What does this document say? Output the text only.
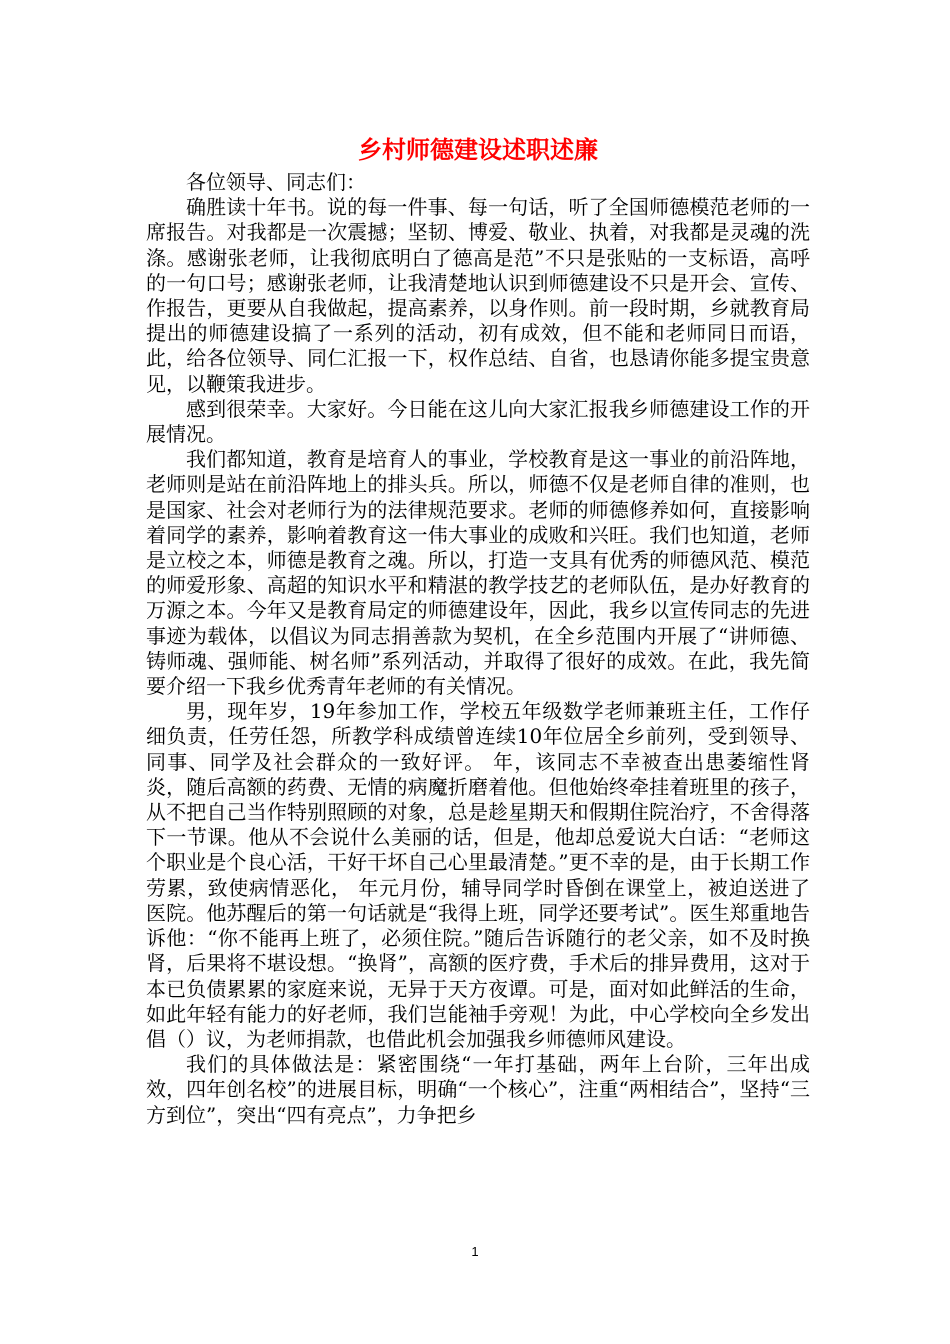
乡村师德建设述职述廉

各位领导、同志们：

确胜读十年书。说的每一件事、每一句话，听了全国师德模范老师的一席报告。对我都是一次震撼；坚韧、博爱、敬业、执着，对我都是灵魂的洗涤。感谢张老师，让我彻底明白了德高是范”不只是张贴的一支标语，高呼的一句口号；感谢张老师，让我清楚地认识到师德建设不只是开会、宣传、作报告，更要从自我做起，提高素养，以身作则。前一段时期，乡就教育局提出的师德建设搞了一系列的活动，初有成效，但不能和老师同日而语，此，给各位领导、同仁汇报一下，权作总结、自省，也恳请你能多提宝贵意见，以鞭策我进步。

感到很荣幸。大家好。今日能在这儿向大家汇报我乡师德建设工作的开展情况。

我们都知道，教育是培育人的事业，学校教育是这一事业的前沿阵地，老师则是站在前沿阵地上的排头兵。所以，师德不仅是老师自律的准则，也是国家、社会对老师行为的法律规范要求。老师的师德修养如何，直接影响着同学的素养，影响着教育这一伟大事业的成败和兴旺。我们也知道，老师是立校之本，师德是教育之魂。所以，打造一支具有优秀的师德风范、模范的师爱形象、高超的知识水平和精湛的教学技艺的老师队伍，是办好教育的万源之本。今年又是教育局定的师德建设年，因此，我乡以宣传同志的先进事迹为载体，以倡议为同志捐善款为契机，在全乡范围内开展了“讲师德、铸师魂、强师能、树名师”系列活动，并取得了很好的成效。在此，我先简要介绍一下我乡优秀青年老师的有关情况。

男，现年岁，19年参加工作，学校五年级数学老师兼班主任，工作仔细负责，任劳任怨，所教学科成绩曾连续10年位居全乡前列，受到领导、同事、同学及社会群众的一致好评。 年，该同志不幸被查出患萎缩性肾炎，随后高额的药费、无情的病魔折磨着他。但他始终牵挂着班里的孩子，从不把自己当作特别照顾的对象，总是趁星期天和假期住院治疗，不舍得落下一节课。他从不会说什么美丽的话，但是，他却总爱说大白话：“老师这个职业是个良心活，干好干坏自己心里最清楚。”更不幸的是，由于长期工作劳累，致使病情恶化， 年元月份，辅导同学时昏倒在课堂上，被迫送进了医院。他苏醒后的第一句话就是“我得上班，同学还要考试”。医生郑重地告诉他：“你不能再上班了，必须住院。”随后告诉随行的老父亲，如不及时换肾，后果将不堪设想。“换肾”，高额的医疗费，手术后的排异费用，这对于本已负债累累的家庭来说，无异于天方夜谭。可是，面对如此鲜活的生命，如此年轻有能力的好老师，我们岂能袖手旁观！为此，中心学校向全乡发出倡（）议，为老师捐款，也借此机会加强我乡师德师风建设。

我们的具体做法是：紧密围绕“一年打基础，两年上台阶，三年出成效，四年创名校”的进展目标，明确“一个核心”，注重“两相结合”，坚持“三方到位”，突出“四有亮点”，力争把乡

1
